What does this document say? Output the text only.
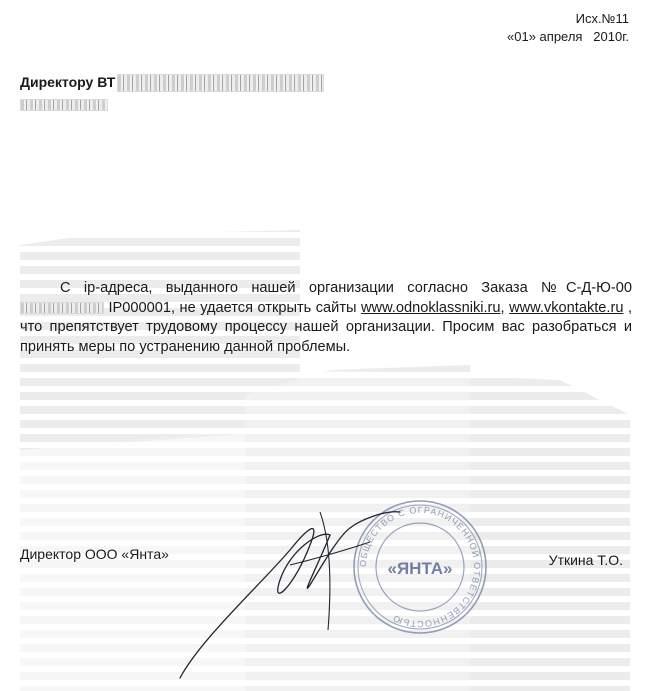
Исх.№11
«01» апреля   2010г.
Директору ВТ

С ip-адреса, выданного нашей организации согласно Заказа №С-Д-Ю-00 IP000001, не удается открыть сайты www.odnoklassniki.ru, www.vkontakte.ru , что препятствует трудовому процессу нашей организации. Просим вас разобраться и принять меры по устранению данной проблемы.

Директор ООО «Янта»	Уткина Т.О.
ОБЩЕСТВО С ОГРАНИЧЕННОЙ ОТВЕТСТВЕННОСТЬЮ
«ЯНТА»
